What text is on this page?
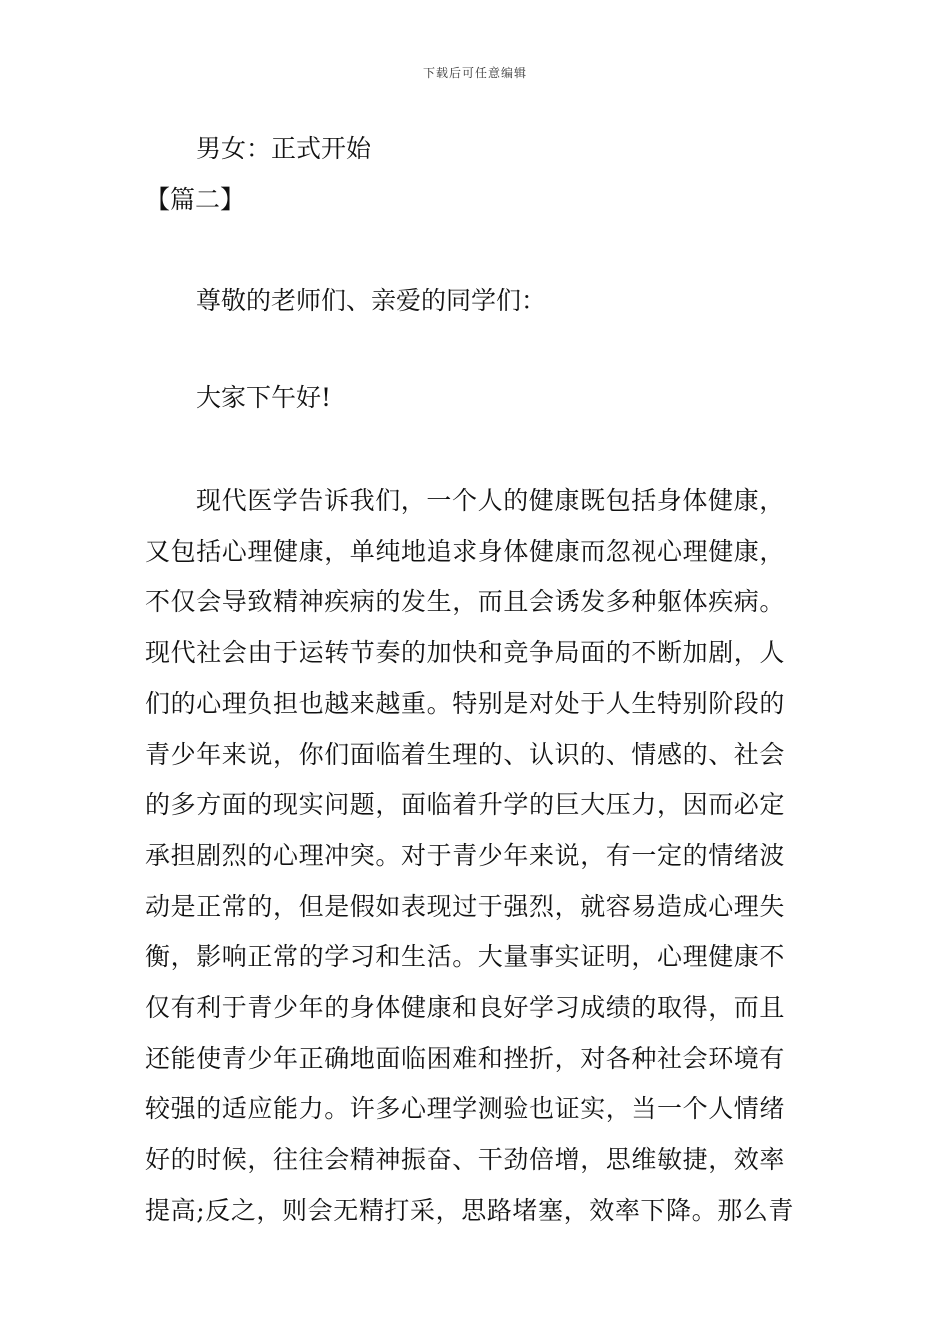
下载后可任意编辑
男女：正式开始
【篇二】
尊敬的老师们、亲爱的同学们：
大家下午好!
现代医学告诉我们，一个人的健康既包括身体健康，
又包括心理健康，单纯地追求身体健康而忽视心理健康，
不仅会导致精神疾病的发生，而且会诱发多种躯体疾病。
现代社会由于运转节奏的加快和竞争局面的不断加剧，人
们的心理负担也越来越重。特别是对处于人生特别阶段的
青少年来说，你们面临着生理的、认识的、情感的、社会
的多方面的现实问题，面临着升学的巨大压力，因而必定
承担剧烈的心理冲突。对于青少年来说，有一定的情绪波
动是正常的，但是假如表现过于强烈，就容易造成心理失
衡，影响正常的学习和生活。大量事实证明，心理健康不
仅有利于青少年的身体健康和良好学习成绩的取得，而且
还能使青少年正确地面临困难和挫折，对各种社会环境有
较强的适应能力。许多心理学测验也证实，当一个人情绪
好的时候，往往会精神振奋、干劲倍增，思维敏捷，效率
提高;反之，则会无精打采，思路堵塞，效率下降。那么青
